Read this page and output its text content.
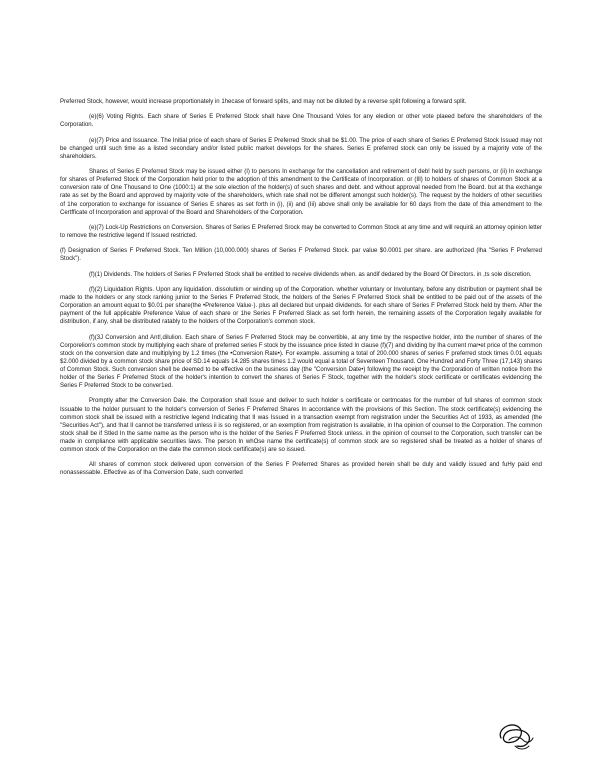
Preferred Stock, however, would increase proportionately in 1hecase of forward splits, and may not be diluted by a reverse split following a forward split.

(e)(6) Voting Rights. Each share of Series E Preferred Stock shall have One Thousand Voles for any eledion or other vote plaeed before the shareholders of the Corporation.

(e)(7) Price and Issuance. The Initial price of each share of Series E Preferred Stock shall be $1.00. The price of each share of Series E Preferred Stock Issued may not be changed until such time as a listed secondary and/or listed public market develops for the shares. Series E preferred stock can only be issued by a majority vote of the shareholders.

Shares of Series E Preferred Stock may be issued either (I) to persons In exchange for the cancellation and retirement of deb! held by such persons, or (ii) In exchange for shares of Preferred Stock of the Corporation held prior to the adoption of this amendment to the Certificate of Incorporation. or (Ill) to holders of shares of Common Stock at a conversion rate of One Thousand to One (1000:1) at the sole election of the holder(s) of such shares and debt. and without approval needed from !he Board. but at tha exchange rate as set by the Board and approved by majority vote of the shareholders, which rate shall not be different amongst such holder(s). The request by the holders of other securities of 1he corporation to exchange for issuance of Series E shares as set forth in (i), (ii) and (Iii) above shall only be available for 60 days from the date of thia amendment to !he Certfficate of Incorporation and approval of the Board and Shareholders of the Corporation.

(e)(7) Lock-Up Restrictions on Conversion. Shares of Series E Preferred Srock may be converted to Common Stock at any time and will requir& an attorney opinion letter to remove the restrictive legend If Issued restricted.

(f) Designation of Series F Preferred Stock. Ten Million (10,000.000) shares of Series F Preferred Stock. par value $0.0001 per share. are authorized (lha "Series F Preferred Stock").

(f)(1) Dividends. The holders of Series F Preferred Stock shall be entitled to receive dividends when. as andif dedared by the Board Of Directors. in ,ts sole discretion.

(f)(2) Liquidation Rights. Upon any liquidation. dissolutkm or winding up of the Corporation. whether voluntary or Involuntary, before any distribution or payment shall be made to the holders or any stock ranking junior to the Series F Preferred Stock, the holders of the Series F Preferred Stock shall be entitled to be paid out of the assets of the Corporation an amount equat to $0.01 per share(the •Preference Value·). plus all declared but unpaid dividends. for each share of Series F Preferred Stock held by them. After the payment of the full applicable Preference Value of each share or 1he Series F Preferred Slack as set forth herein, the remaining assets of the Corporation legally available for distribution, if any, shall be distributed ratably to the holders of the Corporation's common stock.

(f)(3J Conversion and Ant!,dilulion. Each share of Series F Preferred Stock may be convertible, at any time by the respective holder, into the number of shares of the Corporelion's common stock by multiplying each share of preferred series F stock by the issuance price listed In clause (f)(7) and dividing by Iha current mar•et price of the common stock on the conversion date and multiplying by 1.2 times (the •Conversion Rate•). For example. assuming a total of 200.000 shares of series F preferred stock times 0.01 equals $2.000 divided by a common stock share price of SD.14 equals 14.285 shares times 1.2 would equal a total of Seventeen Thousand. One Hundred and Forty Three (17,143) shares of Common Stock. Such conversion shell be deemed to be effective on the business day (the "Conversion Date•) following the receipt by the Corporation of written notice from the holder of the Series F Preferred Stock of the holder's intention to convert the shares of Series F Stock, together with the holder's stock certificate or certificates evidencing the Series F Preferred Stock to be conver1ed.

Promptly after the Conversion Dale. the Corporation shall Issue and deliver to such holder s certificate or certmcates for the number of full shares of common stock Issuable to the holder pursuant to the holder's conversion of Series F Preferred Shares In accordance with the provisions of this Section. The stock certificate(s) evidencing the common stock shall be issued with a restrictive legend Indicating that II was Issued in a transaction exempt from registration under the Securities Act of 1933, as amended (the "Securities Act"), and !hat II cannot be transferred unless ii is so registered, or an exemption from registration Is available, in Iha opinion of counsel to the Corporation. The common stock shall be if Stled In the same name as the person who is the holder of the Series F Preferred Stock unless. in the opinion of counsel to the Corporation, such transfer can be made in compliance with applicable securities laws. The person In whOse name the certificate(s) of common stock are so registered shall be treated as a holder of shares of common stock of the Corporation on the date the common stock certificate(s) are so issued.

All shares of common stock delivered upon conversion of the Series F Preferred Shares as provided herein shall be duly and validly issued and fuHy paid end nonassessable. Effective as of Iha Conversion Date, such converted
